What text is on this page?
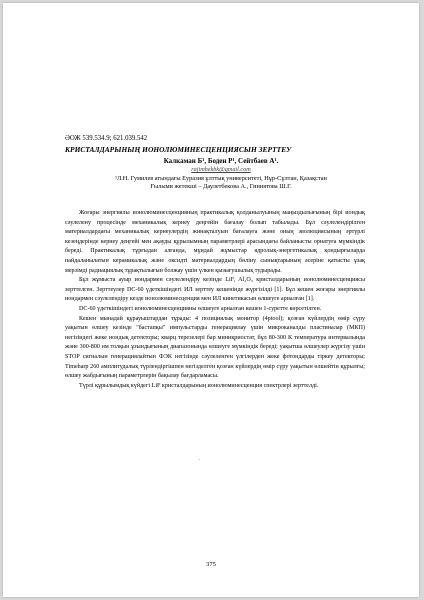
ӘОЖ 539.534.9; 621.039.542

КРИСТАЛДАРЫНЫҢ ИОНОЛЮМИНЕСЦЕНЦИЯСЫН ЗЕРТТЕУ

Калкаман Б¹, Боден Р¹, Сейтбаев А¹.

rajimbekbk@gmail.com

¹Л.Н. Гумилев атындағы Еуразия ұлттық университеті, Нұр-Сұлтан, Қазақстан

Ғылыми жетекші – Даулетбекова А., Гиниятова Ш.Г.

Жоғары энергиялы ионолюминесценцияның практикалық қолданылуының маңыздылығының бірі иондық сәулелену процесінде механикалық кернеу деңгейін бағалау болып табылады. Бұл сәулелендірілген материалдардағы механикалық кернеулердің жинақталуын бағалауға және оның эволюциясының әртүрлі кезеңдерінде кернеу деңгейі мен ақауды құрылымның параметрлері арасындағы байланысты орнатуға мүмкіндік береді. Практикалық тұрғыдан алғанда, мұндай жұмыстар ядролық-энергетикалық қондырғыларда пайдаланылатын керамикалық және оксидті материалдардың бөліну сынықтарының әсеріне қатысты ұзақ мерзімді радиациялық тұрақтылығын болжау үшін үлкен қызығушылық тудырады.

Бұл жұмыста ауыр иондармен сәулелендіру кезінде LiF, Al₂O₃ кристалдарының ионолюминесценциясы зерттелген. Зерттеулер DC-60 үдеткішіндегі ИЛ зерттеу кешенінде жүргізілді [1]. Бұл кешен жоғары энергиялы иондармен сәулелендіру кезде ионолюминесценция мен ИЛ кинетикасын өлшеуге арналған [1].

DC-60 үдеткішіндегі ионолюминесценцияны өлшеуге арналған кешен 1-суретте көрсетілген.

Кешен мынадай құрауыштардан тұрады: 4 позициялық монитор (4ptool); қозған күйлердің өмір сүру уақытын өлшеу кезінде "бастапқы" импульстарды генерациялау үшін микроканалды пластиналар (МКП) негізіндегі жеке иондық детекторы; кварц терезелері бар миниқриостат, бұл 80-300 К температура интервалында және 300-800 нм толқын ұзындығының диапазонында өлшеуге мүмкіндік береді; уақытша өлшеулер жүргізу үшін STOP сигналын генерациялайтын ФЭК негізінде сәулеленген үлгілерден жеке фотондарды тіркеу детекторы; Timeharp 260 амплитудалық түрлендіргішпен негізделген қозған күйлердің өмір сүру уақытын өлшейтін құрылғы; өлшеу жабдығының параметрлерін бақылау бағдарламасы.

Түрлі құрылымдық күйдегі LiF кристалдарының ионолюминесценция спектрлері зерттелді.

.
375
